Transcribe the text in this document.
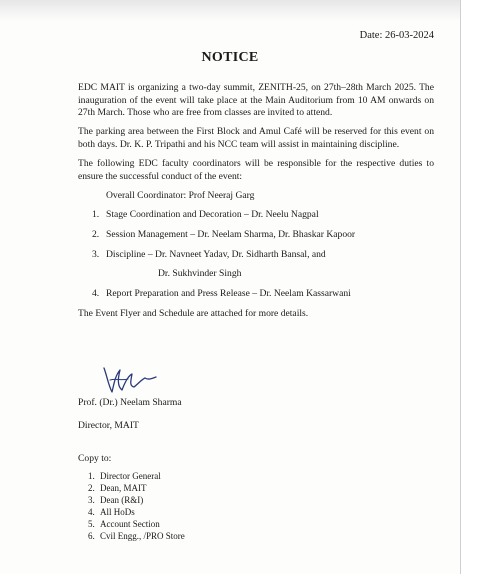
Date: 26-03-2024
NOTICE

EDC MAIT is organizing a two-day summit, ZENITH-25, on 27th–28th March 2025. The inauguration of the event will take place at the Main Auditorium from 10 AM onwards on 27th March. Those who are free from classes are invited to attend.

The parking area between the First Block and Amul Café will be reserved for this event on both days. Dr. K. P. Tripathi and his NCC team will assist in maintaining discipline.

The following EDC faculty coordinators will be responsible for the respective duties to ensure the successful conduct of the event:

Overall Coordinator: Prof Neeraj Garg
1. Stage Coordination and Decoration – Dr. Neelu Nagpal
2. Session Management – Dr. Neelam Sharma, Dr. Bhaskar Kapoor
3. Discipline – Dr. Navneet Yadav, Dr. Sidharth Bansal, and
Dr. Sukhvinder Singh
4. Report Preparation and Press Release – Dr. Neelam Kassarwani

The Event Flyer and Schedule are attached for more details.

Prof. (Dr.) Neelam Sharma
Director, MAIT
Copy to:
1. Director General
2. Dean, MAIT
3. Dean (R&I)
4. All HoDs
5. Account Section
6. Cvil Engg., /PRO Store
